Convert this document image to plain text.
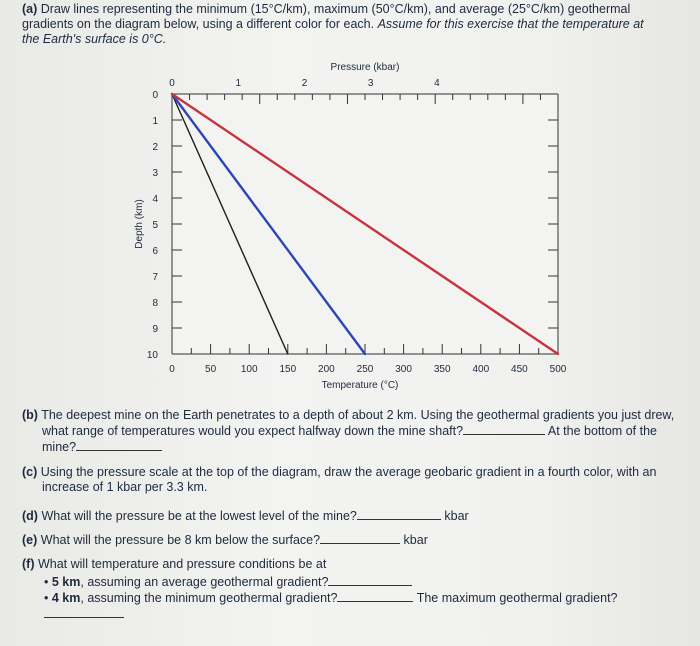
(a) Draw lines representing the minimum (15°C/km), maximum (50°C/km), and average (25°C/km) geothermal gradients on the diagram below, using a different color for each. Assume for this exercise that the temperature at the Earth's surface is 0°C.
0	1	2	3	4
Pressure (kbar)
0
1
2
3
4
5
6
7
8
9
10
Depth (km)
0	50 100 150 200 250 300 350 400 450 500
Temperature (°C)
(b) The deepest mine on the Earth penetrates to a depth of about 2 km. Using the geothermal gradients you just drew,
what range of temperatures would you expect halfway down the mine shaft?	At the bottom of the
mine?
(c) Using the pressure scale at the top of the diagram, draw the average geobaric gradient in a fourth color, with an
increase of 1 kbar per 3.3 km.
(d) What will the pressure be at the lowest level of the mine?	kbar
(e) What will the pressure be 8 km below the surface?	kbar
(f) What will temperature and pressure conditions be at
• 5 km, assuming an average geothermal gradient?
• 4 km, assuming the minimum geothermal gradient?	The maximum geothermal gradient?
